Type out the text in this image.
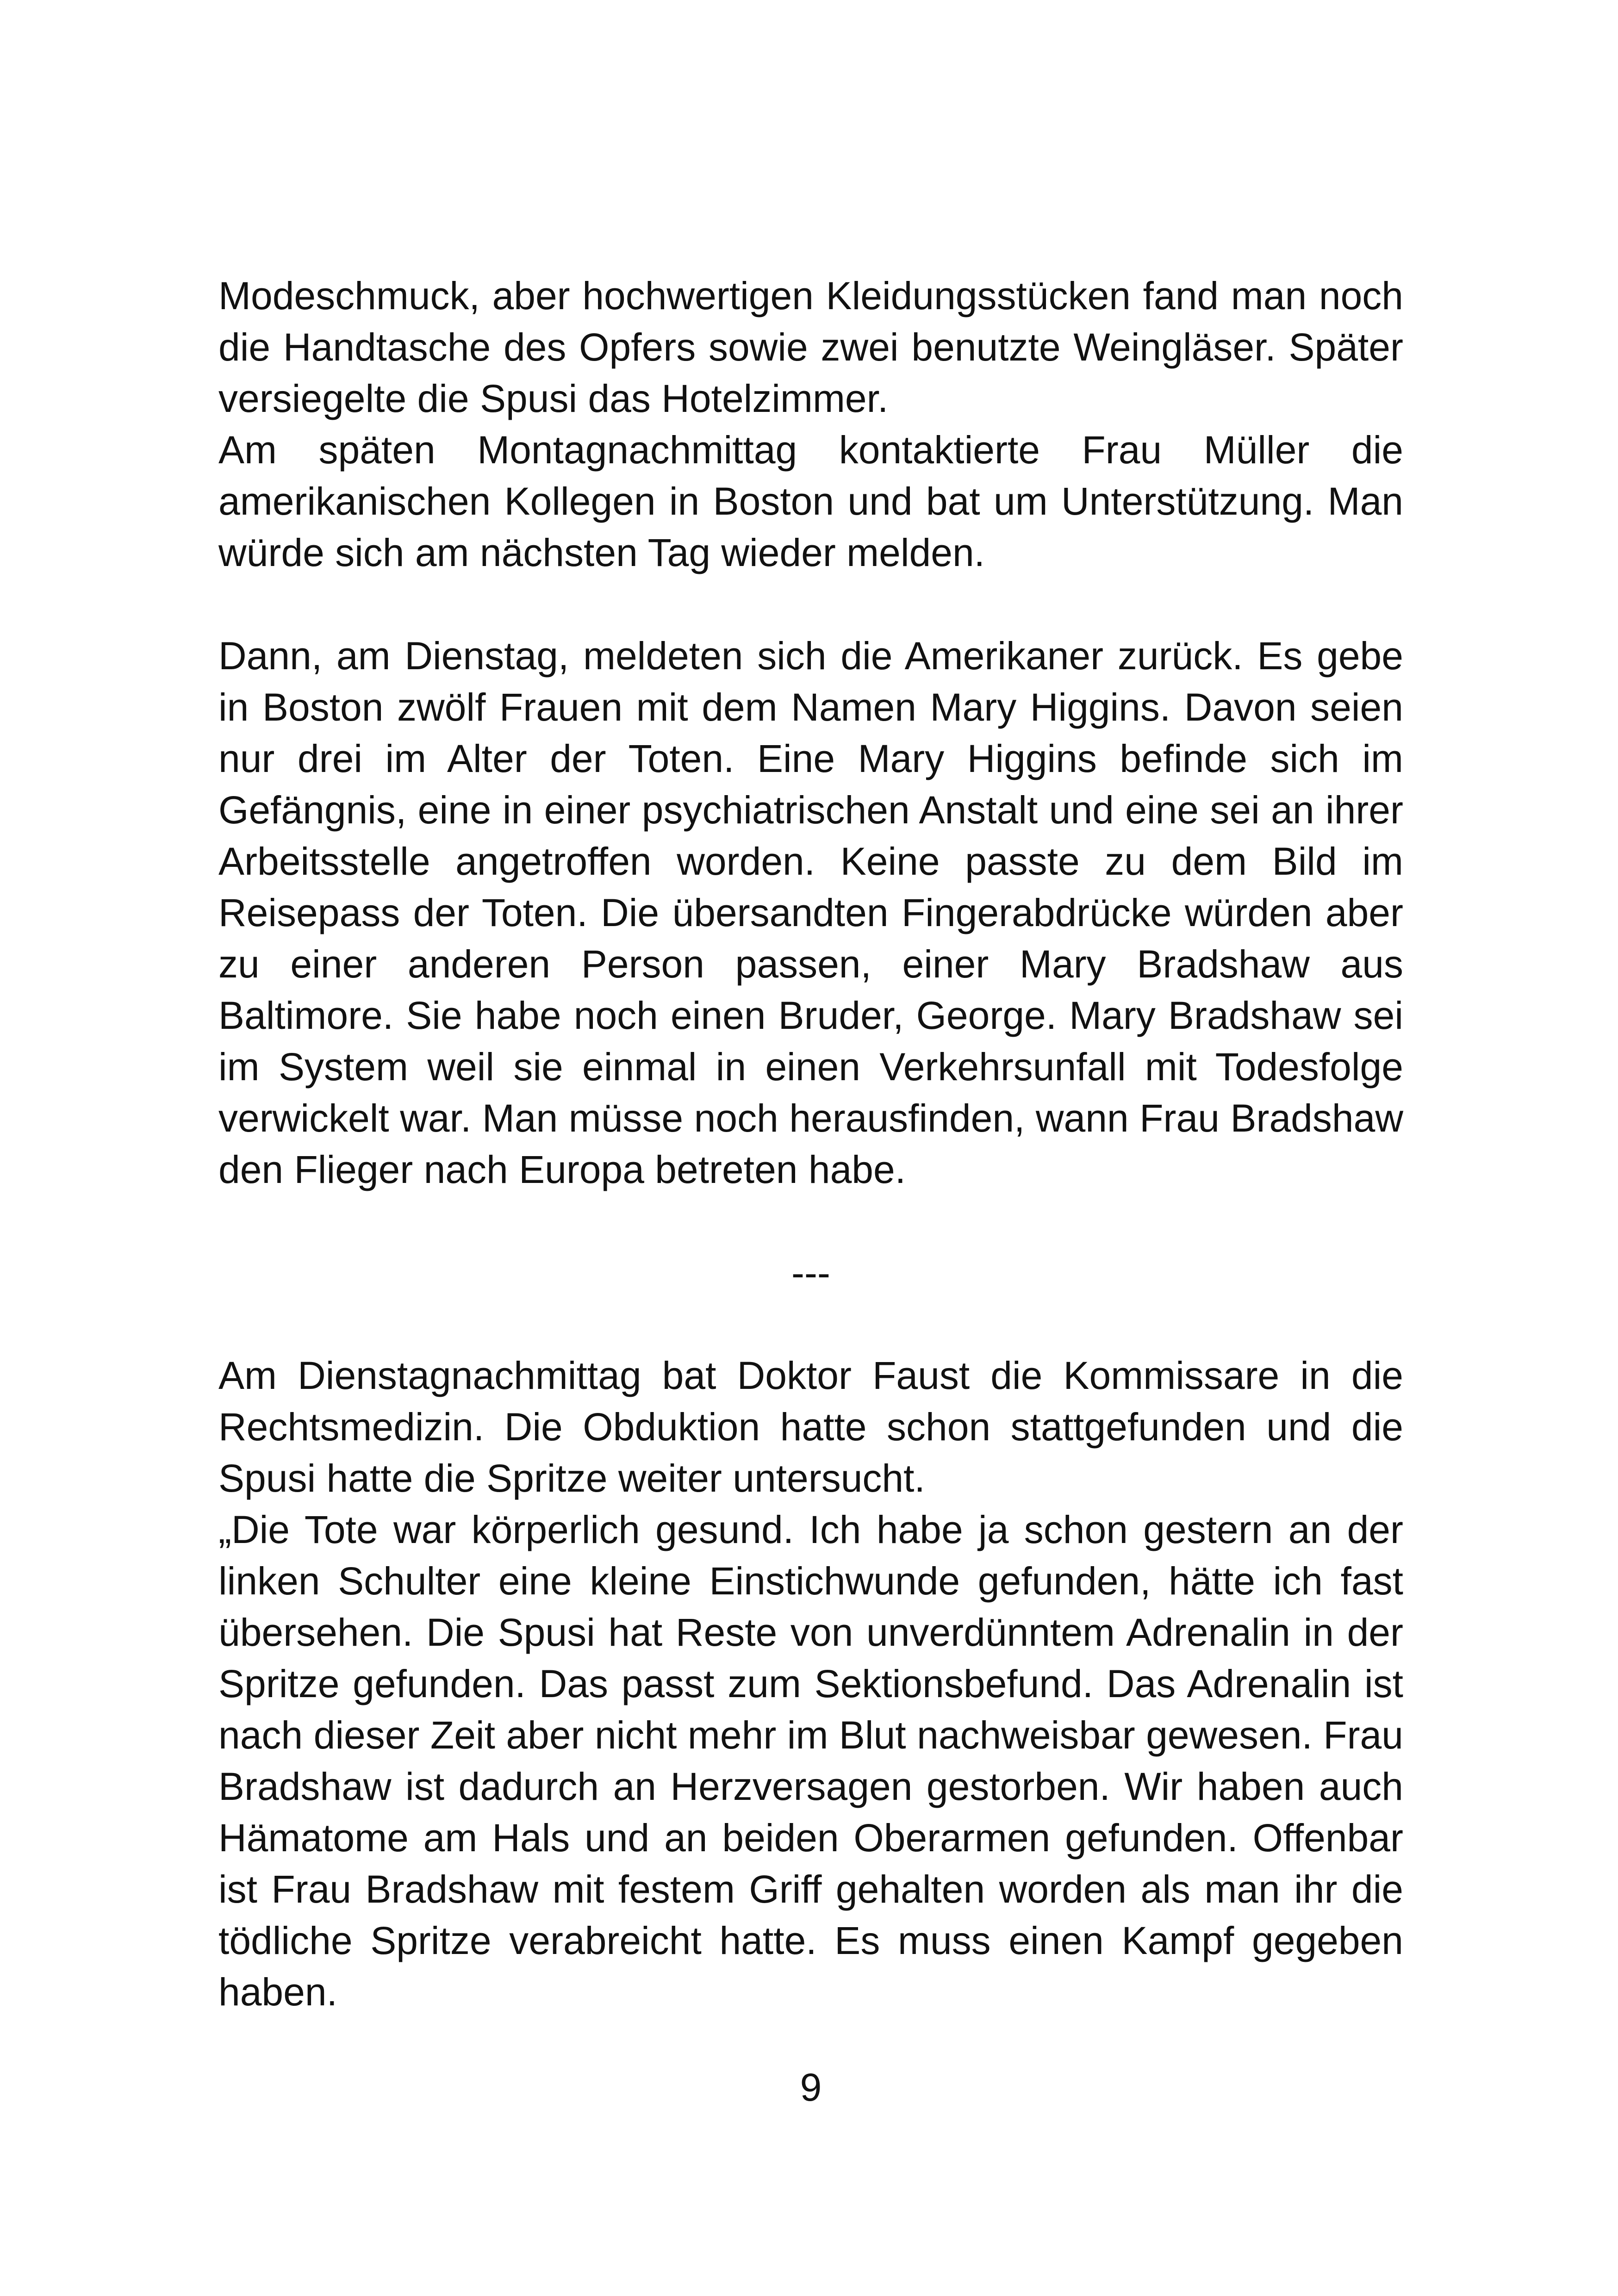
Modeschmuck, aber hochwertigen Kleidungsstücken fand man noch die Handtasche des Opfers sowie zwei benutzte Weingläser. Später versiegelte die Spusi das Hotelzimmer.

Am späten Montagnachmittag kontaktierte Frau Müller die amerikanischen Kollegen in Boston und bat um Unterstützung. Man würde sich am nächsten Tag wieder melden.

Dann, am Dienstag, meldeten sich die Amerikaner zurück. Es gebe in Boston zwölf Frauen mit dem Namen Mary Higgins. Davon seien nur drei im Alter der Toten. Eine Mary Higgins befinde sich im Gefängnis, eine in einer psychiatrischen Anstalt und eine sei an ihrer Arbeitsstelle angetroffen worden. Keine passte zu dem Bild im Reisepass der Toten. Die übersandten Fingerabdrücke würden aber zu einer anderen Person passen, einer Mary Bradshaw aus Baltimore. Sie habe noch einen Bruder, George. Mary Bradshaw sei im System weil sie einmal in einen Verkehrsunfall mit Todesfolge verwickelt war. Man müsse noch herausfinden, wann Frau Bradshaw den Flieger nach Europa betreten habe.

---

Am Dienstagnachmittag bat Doktor Faust die Kommissare in die Rechtsmedizin. Die Obduktion hatte schon stattgefunden und die Spusi hatte die Spritze weiter untersucht.

„Die Tote war körperlich gesund. Ich habe ja schon gestern an der linken Schulter eine kleine Einstichwunde gefunden, hätte ich fast übersehen. Die Spusi hat Reste von unverdünntem Adrenalin in der Spritze gefunden. Das passt zum Sektionsbefund. Das Adrenalin ist nach dieser Zeit aber nicht mehr im Blut nachweisbar gewesen. Frau Bradshaw ist dadurch an Herzversagen gestorben. Wir haben auch Hämatome am Hals und an beiden Oberarmen gefunden. Offenbar ist Frau Bradshaw mit festem Griff gehalten worden als man ihr die tödliche Spritze verabreicht hatte. Es muss einen Kampf gegeben haben.

9
